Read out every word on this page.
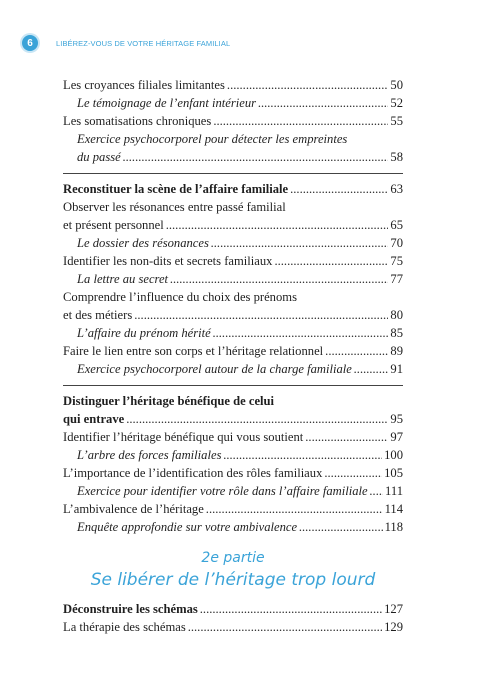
6	LIBÉREZ-VOUS DE VOTRE HÉRITAGE FAMILIAL
Les croyances filiales limitantes .....	50
Le témoignage de l’enfant intérieur .....	52
Les somatisations chroniques .....	55
Exercice psychocorporel pour détecter les empreintes
du passé .....	58
Reconstituer la scène de l’affaire familiale .....	63
Observer les résonances entre passé familial
et présent personnel .....	65
Le dossier des résonances .....	70
Identifier les non-dits et secrets familiaux .....	75
La lettre au secret .....	77
Comprendre l’influence du choix des prénoms
et des métiers .....	80
L’affaire du prénom hérité .....	85
Faire le lien entre son corps et l’héritage relationnel .....	89
Exercice psychocorporel autour de la charge familiale .....	91
Distinguer l’héritage bénéfique de celui
qui entrave .....	95
Identifier l’héritage bénéfique qui vous soutient .....	97
L’arbre des forces familiales .....	100
L’importance de l’identification des rôles familiaux .....	105
Exercice pour identifier votre rôle dans l’affaire familiale ..... 111
L’ambivalence de l’héritage .....	114
Enquête approfondie sur votre ambivalence .....	118
2e partie
Se libérer de l’héritage trop lourd
Déconstruire les schémas .....	127
La thérapie des schémas .....	129
